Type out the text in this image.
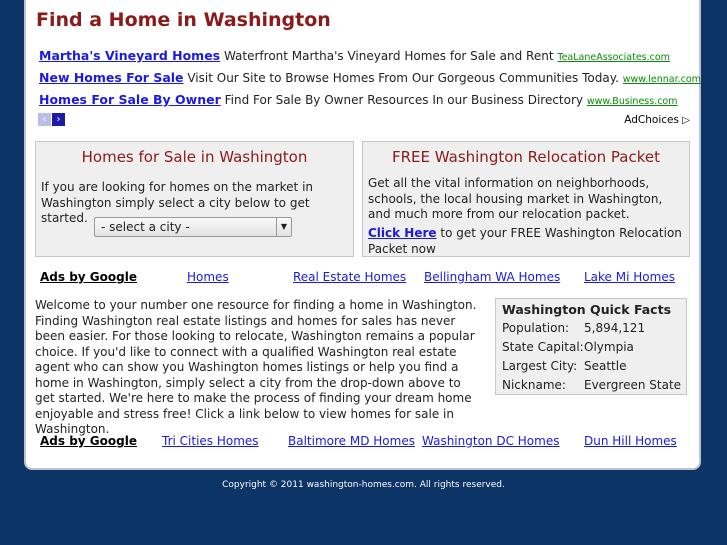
Find a Home in Washington
Martha's Vineyard Homes Waterfront Martha's Vineyard Homes for Sale and Rent TeaLaneAssociates.com
New Homes For Sale Visit Our Site to Browse Homes From Our Gorgeous Communities Today. www.lennar.com
Homes For Sale By Owner Find For Sale By Owner Resources In our Business Directory www.Business.com
‹ ›	AdChoices ▷
Homes for Sale in Washington
If you are looking for homes on the market in Washington simply select a city below to get started.
- select a city -	▼
FREE Washington Relocation Packet
Get all the vital information on neighborhoods, schools, the local housing market in Washington, and much more from our relocation packet.
Click Here to get your FREE Washington Relocation Packet now
Ads by Google	Homes	Real Estate Homes Bellingham WA Homes Lake Mi Homes

Welcome to your number one resource for finding a home in Washington. Finding Washington real estate listings and homes for sales has never been easier. For those looking to relocate, Washington remains a popular choice. If you'd like to connect with a qualified Washington real estate agent who can show you Washington homes listings or help you find a home in Washington, simply select a city from the drop-down above to get started. We're here to make the process of finding your dream home enjoyable and stress free! Click a link below to view homes for sale in Washington.

Washington Quick Facts
Population: 5,894,121
State Capital: Olympia
Largest City: Seattle
Nickname: Evergreen State
Ads by Google Tri Cities Homes Baltimore MD Homes Washington DC Homes Dun Hill Homes
Copyright © 2011 washington-homes.com. All rights reserved.
